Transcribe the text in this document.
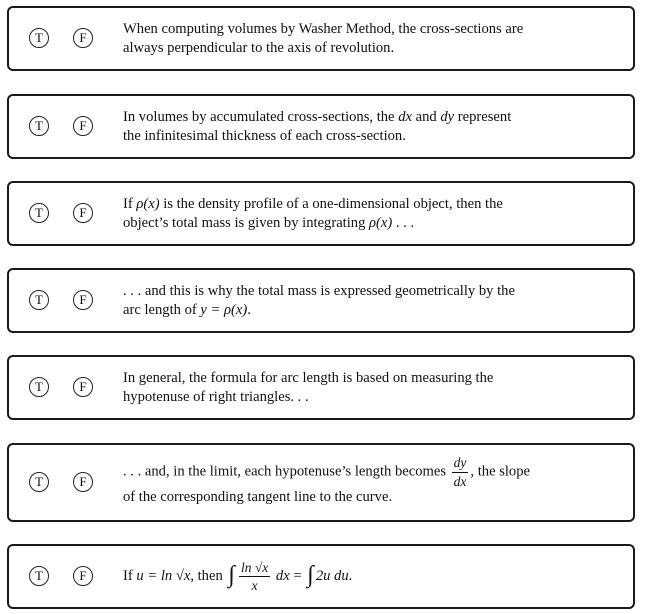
T	F
When computing volumes by Washer Method, the cross-sections are
always perpendicular to the axis of revolution.
T	F
In volumes by accumulated cross-sections, the dx and dy represent
the infinitesimal thickness of each cross-section.
T	F
If ρ(x) is the density profile of a one-dimensional object, then the
object’s total mass is given by integrating ρ(x) . . .
T	F
. . . and this is why the total mass is expressed geometrically by the
arc length of y = ρ(x).
T	F
In general, the formula for arc length is based on measuring the
hypotenuse of right triangles. . .
T	F
. . . and, in the limit, each hypotenuse’s length becomes $\frac{dy}{dx}$ , the slope
of the corresponding tangent line to the curve.
T	F	If u = ln √x, then ∫ $\frac{\ln √x}{x}$ dx = ∫ 2u du.
